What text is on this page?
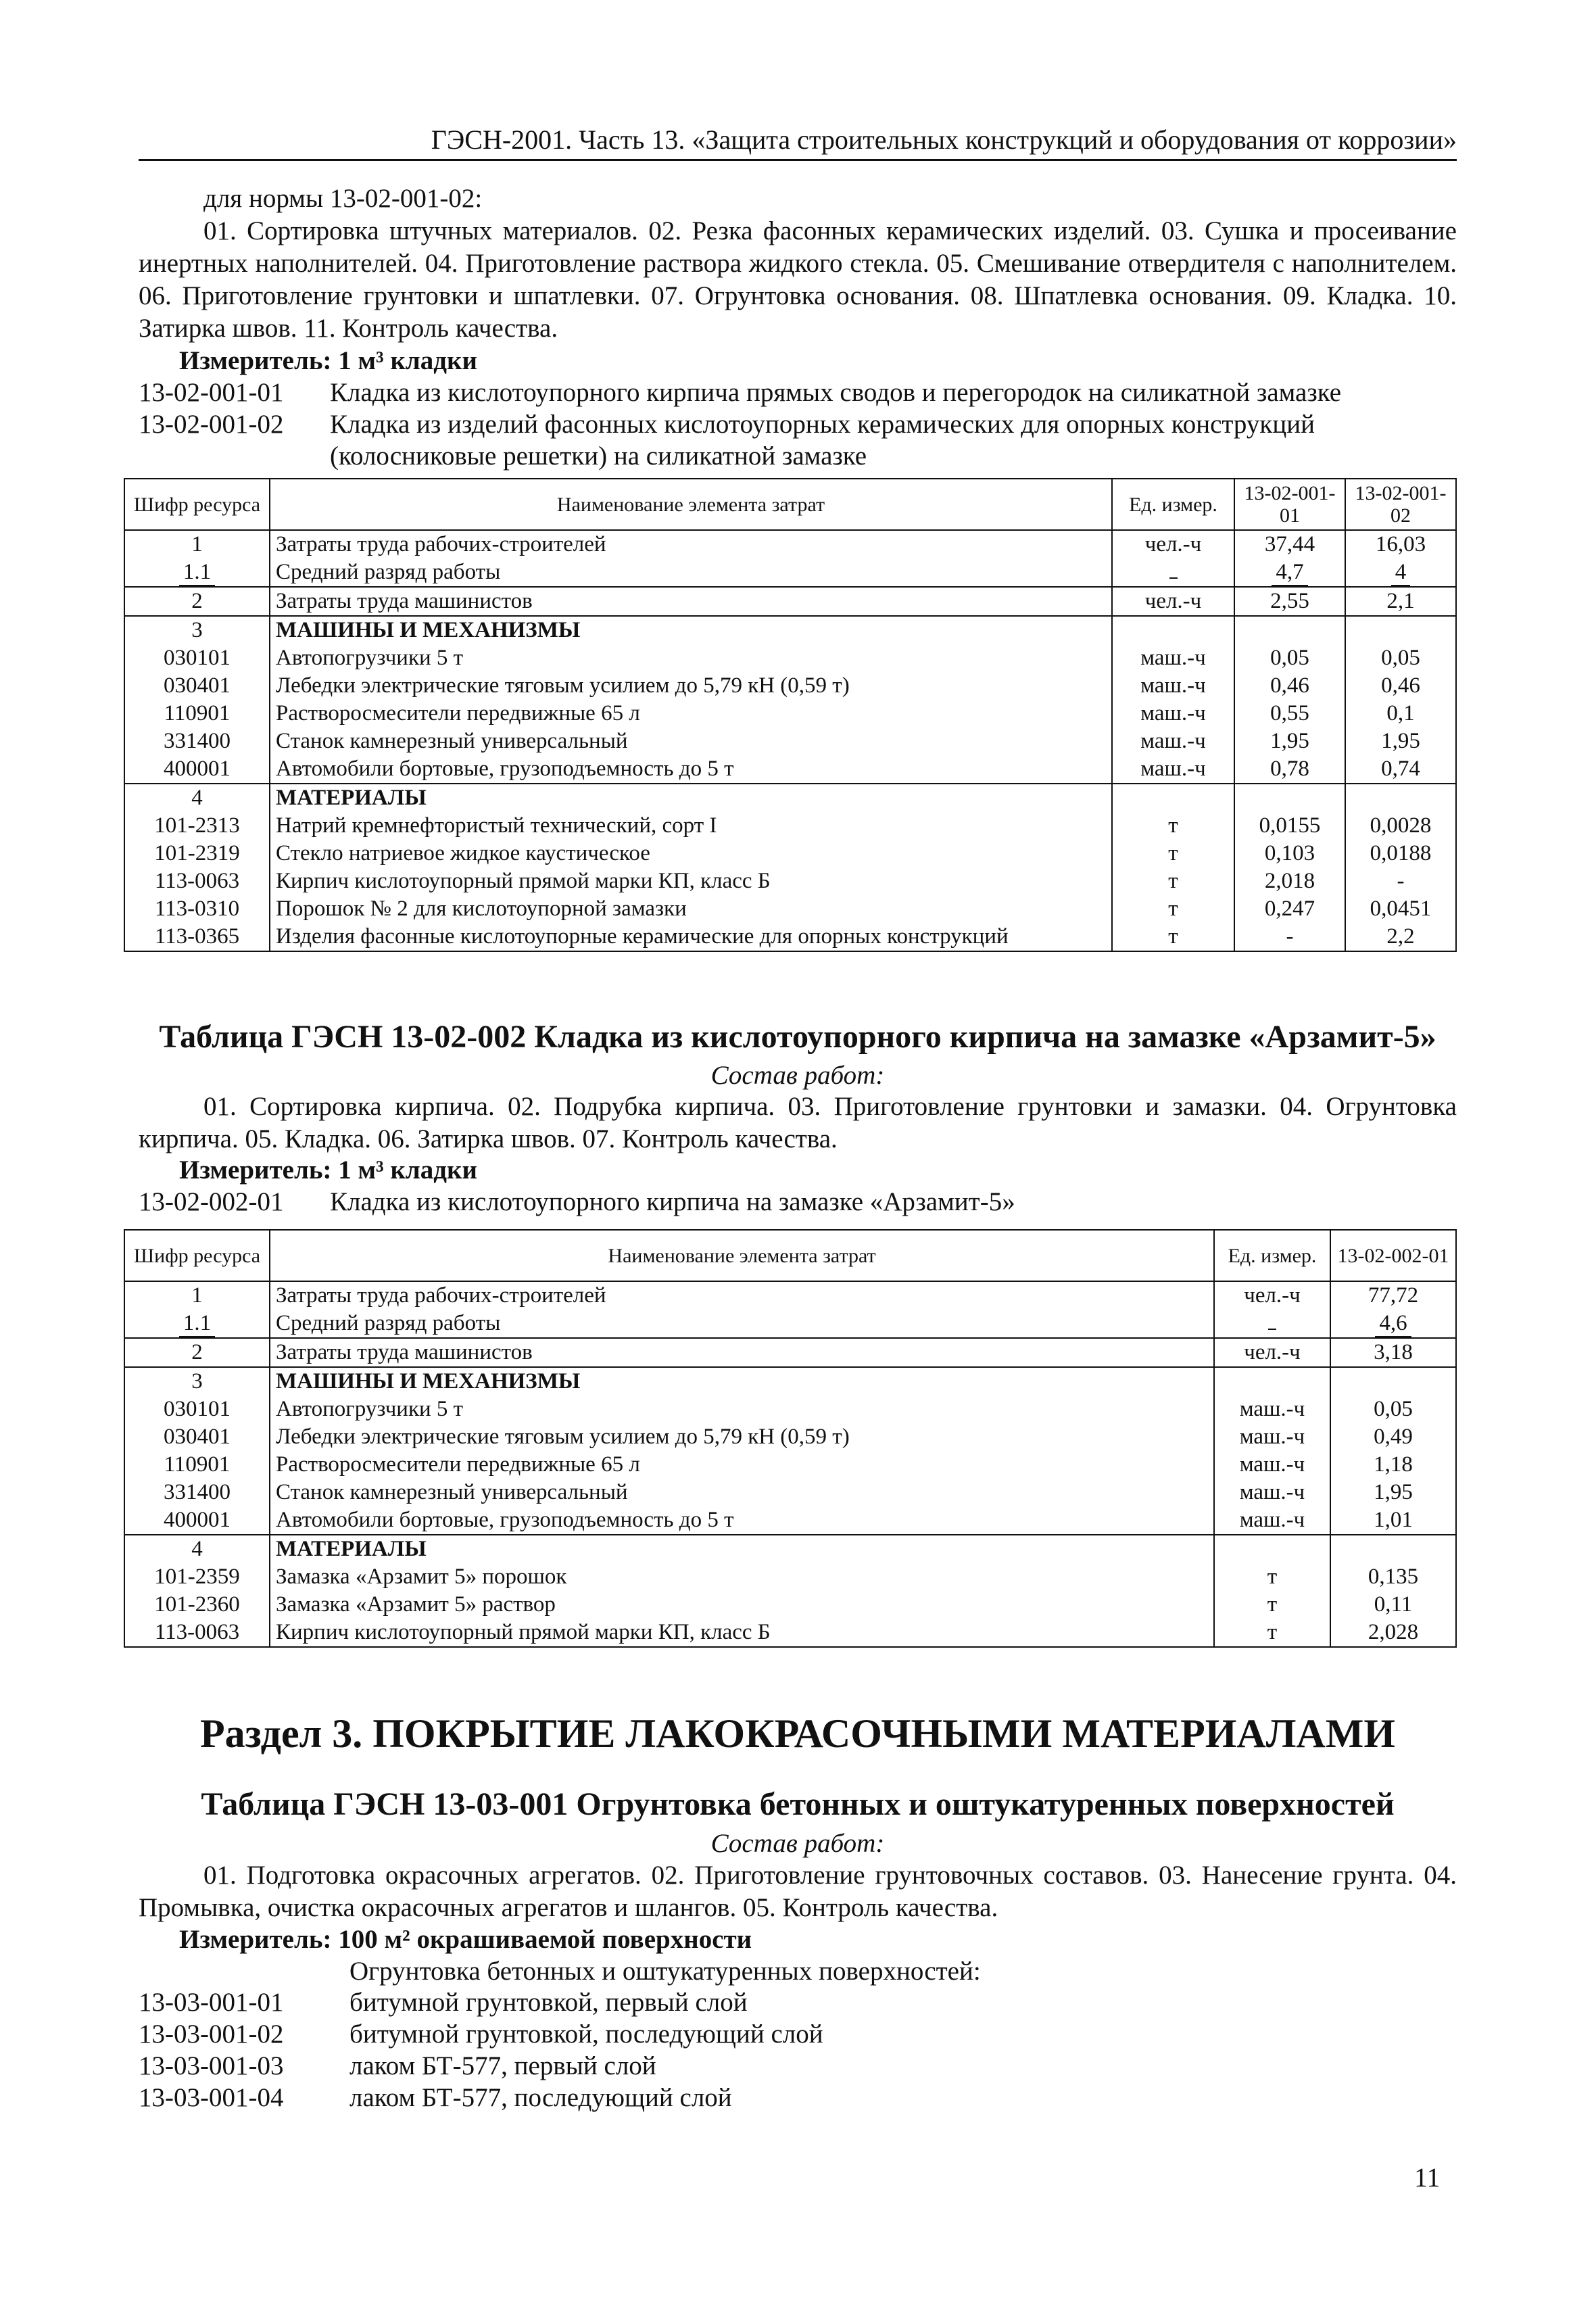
ГЭСН-2001. Часть 13. «Защита строительных конструкций и оборудования от коррозии»
для нормы 13-02-001-02:
01. Сортировка штучных материалов. 02. Резка фасонных керамических изделий. 03. Сушка и просеивание инертных наполнителей. 04. Приготовление раствора жидкого стекла. 05. Смешивание отвердителя с наполнителем. 06. Приготовление грунтовки и шпатлевки. 07. Огрунтовка основания. 08. Шпатлевка основания. 09. Кладка. 10. Затирка швов. 11. Контроль качества.
Измеритель: 1 м³ кладки
13-02-001-01 Кладка из кислотоупорного кирпича прямых сводов и перегородок на силикатной замазке
13-02-001-02 Кладка из изделий фасонных кислотоупорных керамических для опорных конструкций (колосниковые решетки) на силикатной замазке
Шифр ресурса	Наименование элемента затрат	Ед. измер.	13-02-001-01	13-02-001-02
1	Затраты труда рабочих-строителей	чел.-ч	37,44	16,03
1.1	Средний разряд работы		4,7	4
2	Затраты труда машинистов	чел.-ч	2,55	2,1
3	МАШИНЫ И МЕХАНИЗМЫ			
030101	Автопогрузчики 5 т	маш.-ч	0,05	0,05
030401	Лебедки электрические тяговым усилием до 5,79 кН (0,59 т)	маш.-ч	0,46	0,46
110901	Растворосмесители передвижные 65 л	маш.-ч	0,55	0,1
331400	Станок камнерезный универсальный	маш.-ч	1,95	1,95
400001	Автомобили бортовые, грузоподъемность до 5 т	маш.-ч	0,78	0,74
4	МАТЕРИАЛЫ			
101-2313	Натрий кремнефтористый технический, сорт I	т	0,0155	0,0028
101-2319	Стекло натриевое жидкое каустическое	т	0,103	0,0188
113-0063	Кирпич кислотоупорный прямой марки КП, класс Б	т	2,018	-
113-0310	Порошок № 2 для кислотоупорной замазки	т	0,247	0,0451
113-0365	Изделия фасонные кислотоупорные керамические для опорных конструкций	т	-	2,2
Таблица ГЭСН 13-02-002 Кладка из кислотоупорного кирпича на замазке «Арзамит-5»
Состав работ:
01. Сортировка кирпича. 02. Подрубка кирпича. 03. Приготовление грунтовки и замазки. 04. Огрунтовка кирпича. 05. Кладка. 06. Затирка швов. 07. Контроль качества.
Измеритель: 1 м³ кладки
13-02-002-01 Кладка из кислотоупорного кирпича на замазке «Арзамит-5»
Шифр ресурса	Наименование элемента затрат	Ед. измер.	13-02-002-01
1	Затраты труда рабочих-строителей	чел.-ч	77,72
1.1	Средний разряд работы		4,6
2	Затраты труда машинистов	чел.-ч	3,18
3	МАШИНЫ И МЕХАНИЗМЫ		
030101	Автопогрузчики 5 т	маш.-ч	0,05
030401	Лебедки электрические тяговым усилием до 5,79 кН (0,59 т)	маш.-ч	0,49
110901	Растворосмесители передвижные 65 л	маш.-ч	1,18
331400	Станок камнерезный универсальный	маш.-ч	1,95
400001	Автомобили бортовые, грузоподъемность до 5 т	маш.-ч	1,01
4	МАТЕРИАЛЫ		
101-2359	Замазка «Арзамит 5» порошок	т	0,135
101-2360	Замазка «Арзамит 5» раствор	т	0,11
113-0063	Кирпич кислотоупорный прямой марки КП, класс Б	т	2,028
Раздел 3. ПОКРЫТИЕ ЛАКОКРАСОЧНЫМИ МАТЕРИАЛАМИ
Таблица ГЭСН 13-03-001 Огрунтовка бетонных и оштукатуренных поверхностей
Состав работ:
01. Подготовка окрасочных агрегатов. 02. Приготовление грунтовочных составов. 03. Нанесение грунта. 04. Промывка, очистка окрасочных агрегатов и шлангов. 05. Контроль качества.
Измеритель: 100 м² окрашиваемой поверхности
Огрунтовка бетонных и оштукатуренных поверхностей:
13-03-001-01	битумной грунтовкой, первый слой
13-03-001-02	битумной грунтовкой, последующий слой
13-03-001-03	лаком БТ-577, первый слой
13-03-001-04	лаком БТ-577, последующий слой
11
